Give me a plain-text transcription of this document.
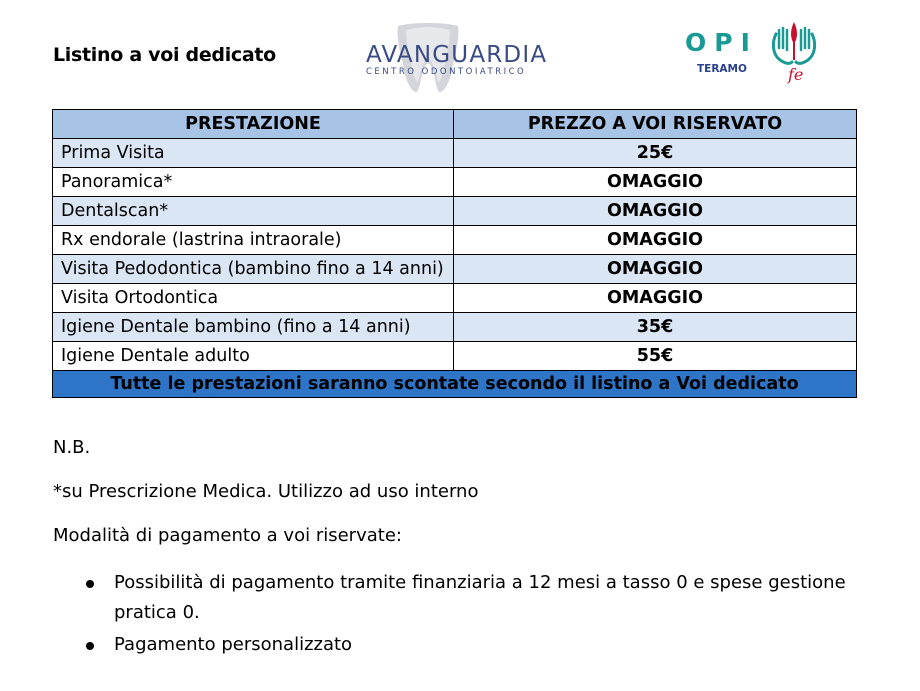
Listino a voi dedicato	AVANGUARDIA
CENTRO ODONTOIATRICO
OPI
TERAMO	fe
PRESTAZIONE	PREZZO A VOI RISERVATO
Prima Visita	25€
Panoramica*	OMAGGIO
Dentalscan*	OMAGGIO
Rx endorale (lastrina intraorale)	OMAGGIO
Visita Pedodontica (bambino fino a 14 anni)	OMAGGIO
Visita Ortodontica	OMAGGIO
Igiene Dentale bambino (fino a 14 anni)	35€
Igiene Dentale adulto	55€
Tutte le prestazioni saranno scontate secondo il listino a Voi dedicato	
N.B.
*su Prescrizione Medica. Utilizzo ad uso interno
Modalità di pagamento a voi riservate:
Possibilità di pagamento tramite finanziaria a 12 mesi a tasso 0 e spese gestione pratica 0.
Pagamento personalizzato
